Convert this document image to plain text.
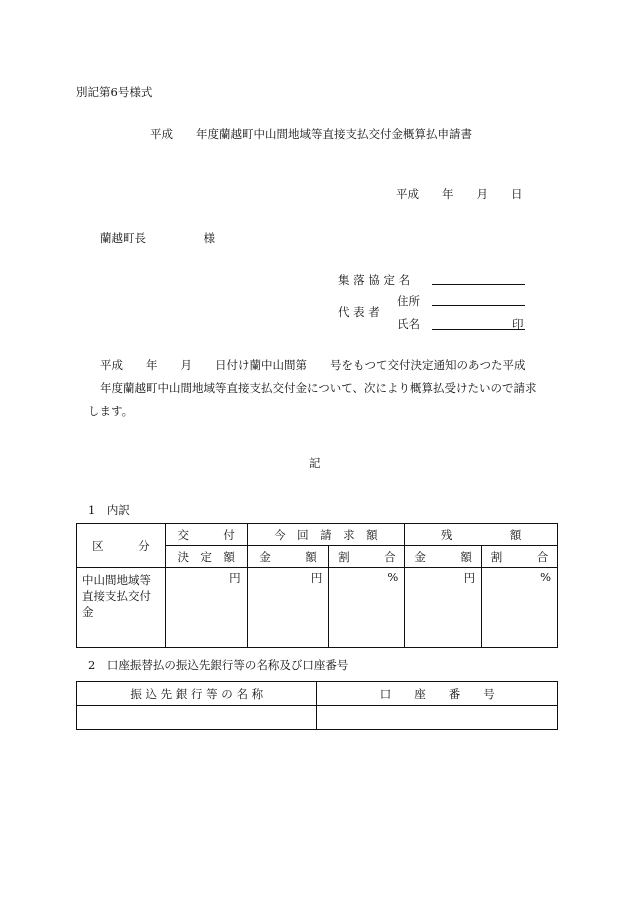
別記第6号様式
平成　　年度蘭越町中山間地域等直接支払交付金概算払申請書
平成　　年　　月　　日
蘭越町長　　　　　様
集 落 協 定 名
住所
代 表 者
氏名	印
平成　　年　　月　　日付け蘭中山間第　　号をもつて交付決定通知のあつた平成
年度蘭越町中山間地域等直接支払交付金について、次により概算払受けたいので請求
します。
記
1　内訳
区　　　分	交　　　付	今　回　請　求　額		残　　　　　額	
	決　定　額	金　　　額	割　　　合	金　　　額	割　　　合
中山間地域等直接支払交付金	円	円	%	円	%
2　口座振替払の振込先銀行等の名称及び口座番号
振 込 先 銀 行 等 の 名 称	口　　座　　番　　号
